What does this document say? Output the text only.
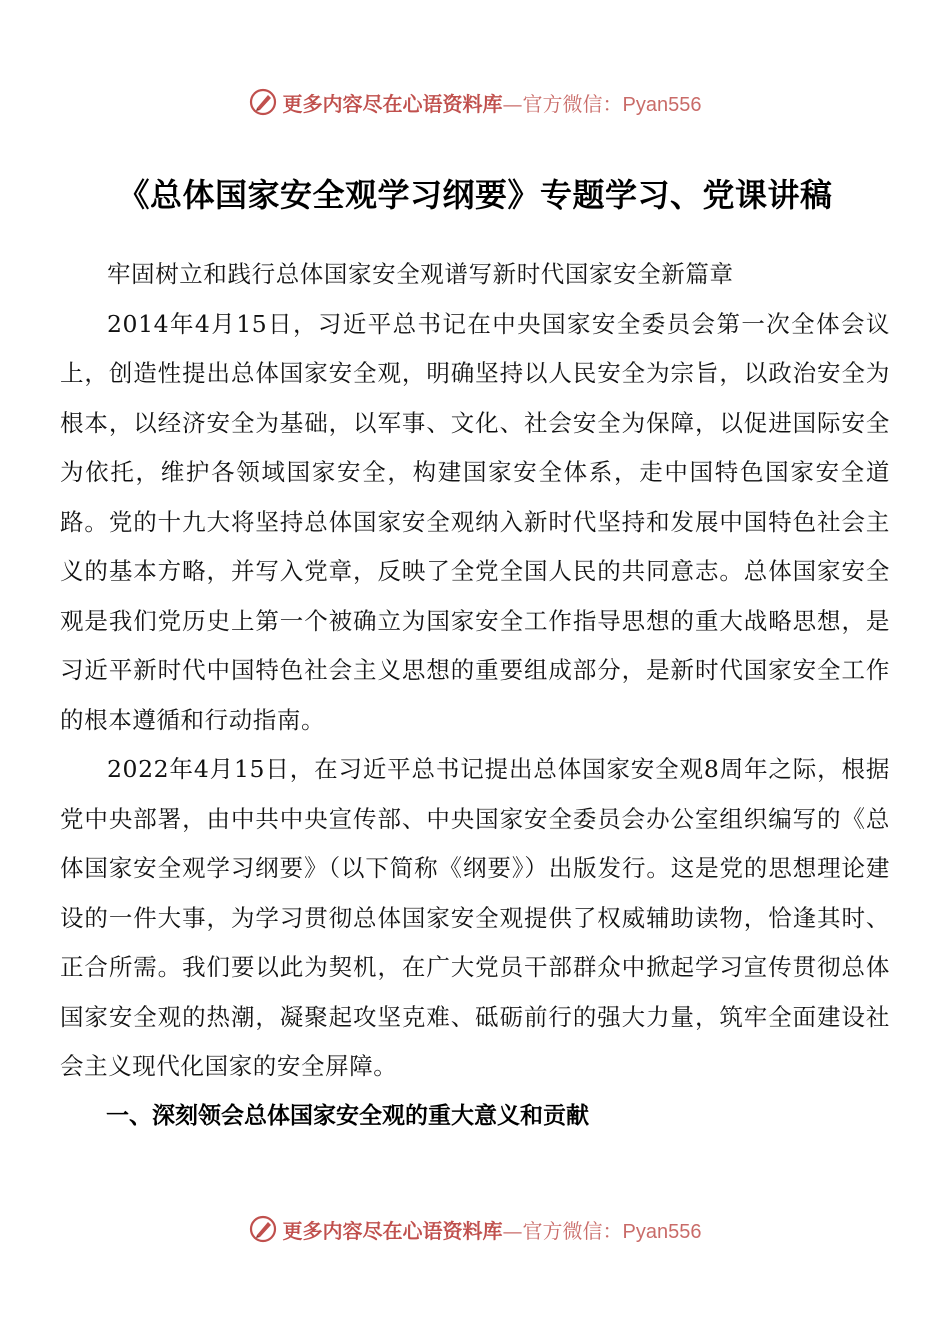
更多内容尽在心语资料库—官方微信：Pyan556
《总体国家安全观学习纲要》专题学习、党课讲稿

牢固树立和践行总体国家安全观谱写新时代国家安全新篇章

2014年4月15日，习近平总书记在中央国家安全委员会第一次全体会议上，创造性提出总体国家安全观，明确坚持以人民安全为宗旨，以政治安全为根本，以经济安全为基础，以军事、文化、社会安全为保障，以促进国际安全为依托，维护各领域国家安全，构建国家安全体系，走中国特色国家安全道路。党的十九大将坚持总体国家安全观纳入新时代坚持和发展中国特色社会主义的基本方略，并写入党章，反映了全党全国人民的共同意志。总体国家安全观是我们党历史上第一个被确立为国家安全工作指导思想的重大战略思想，是习近平新时代中国特色社会主义思想的重要组成部分，是新时代国家安全工作的根本遵循和行动指南。

2022年4月15日，在习近平总书记提出总体国家安全观8周年之际，根据党中央部署，由中共中央宣传部、中央国家安全委员会办公室组织编写的《总体国家安全观学习纲要》（以下简称《纲要》）出版发行。这是党的思想理论建设的一件大事，为学习贯彻总体国家安全观提供了权威辅助读物，恰逢其时、正合所需。我们要以此为契机，在广大党员干部群众中掀起学习宣传贯彻总体国家安全观的热潮，凝聚起攻坚克难、砥砺前行的强大力量，筑牢全面建设社会主义现代化国家的安全屏障。

一、深刻领会总体国家安全观的重大意义和贡献

更多内容尽在心语资料库—官方微信：Pyan556
